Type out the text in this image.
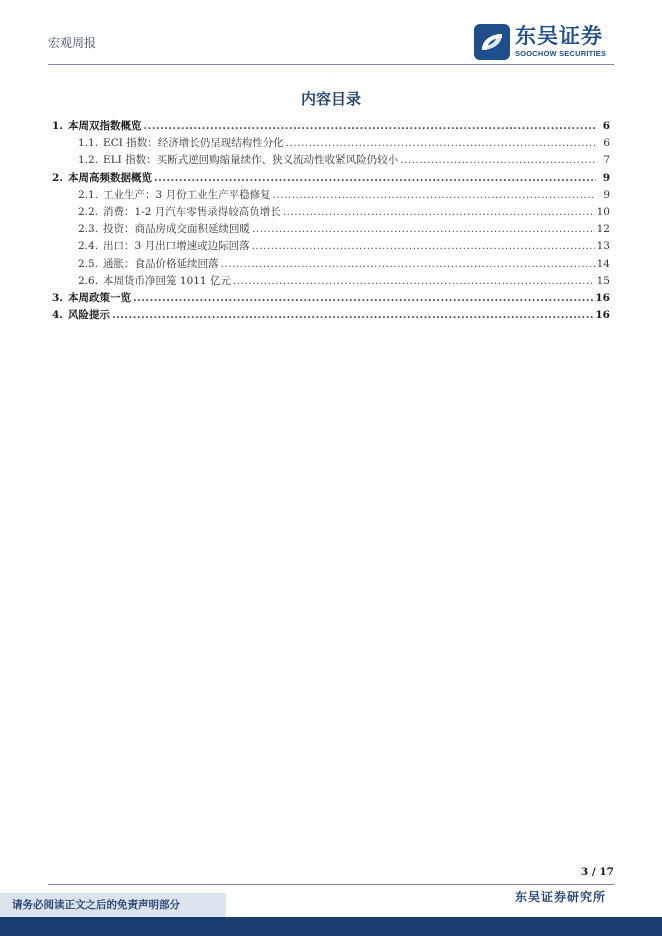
宏观周报	东吴证券
SOOCHOW SECURITIES
内容目录
1. 本周双指数概览 .....	6
1.1. ECI 指数：经济增长仍呈现结构性分化 .....	6
1.2. ELI 指数：买断式逆回购缩量续作、狭义流动性收紧风险仍较小 .....	7
2. 本周高频数据概览 .....	9
2.1. 工业生产：3 月份工业生产平稳修复 .....	9
2.2. 消费：1-2 月汽车零售录得较高负增长 .....	10
2.3. 投资：商品房成交面积延续回暖 .....	12
2.4. 出口：3 月出口增速或边际回落 .....	13
2.5. 通胀：食品价格延续回落 .....	14
2.6. 本周货币净回笼 1011 亿元 .....	15
3. 本周政策一览 .....	16
4. 风险提示 .....	16
3 / 17
东吴证券研究所
请务必阅读正文之后的免责声明部分
